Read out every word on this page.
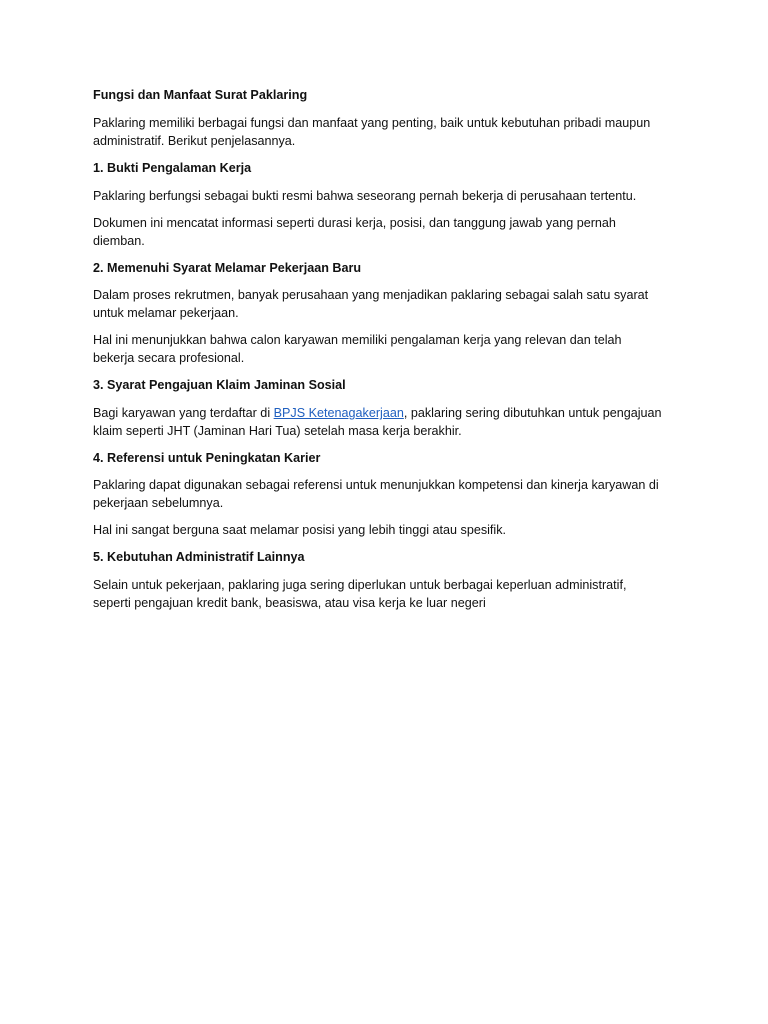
Fungsi dan Manfaat Surat Paklaring

Paklaring memiliki berbagai fungsi dan manfaat yang penting, baik untuk kebutuhan pribadi maupun

administratif. Berikut penjelasannya.

1. Bukti Pengalaman Kerja

Paklaring berfungsi sebagai bukti resmi bahwa seseorang pernah bekerja di perusahaan tertentu.

Dokumen ini mencatat informasi seperti durasi kerja, posisi, dan tanggung jawab yang pernah

diemban.

2. Memenuhi Syarat Melamar Pekerjaan Baru

Dalam proses rekrutmen, banyak perusahaan yang menjadikan paklaring sebagai salah satu syarat

untuk melamar pekerjaan.

Hal ini menunjukkan bahwa calon karyawan memiliki pengalaman kerja yang relevan dan telah

bekerja secara profesional.

3. Syarat Pengajuan Klaim Jaminan Sosial

Bagi karyawan yang terdaftar di BPJS Ketenagakerjaan, paklaring sering dibutuhkan untuk pengajuan

klaim seperti JHT (Jaminan Hari Tua) setelah masa kerja berakhir.

4. Referensi untuk Peningkatan Karier

Paklaring dapat digunakan sebagai referensi untuk menunjukkan kompetensi dan kinerja karyawan di

pekerjaan sebelumnya.

Hal ini sangat berguna saat melamar posisi yang lebih tinggi atau spesifik.

5. Kebutuhan Administratif Lainnya

Selain untuk pekerjaan, paklaring juga sering diperlukan untuk berbagai keperluan administratif,

seperti pengajuan kredit bank, beasiswa, atau visa kerja ke luar negeri
